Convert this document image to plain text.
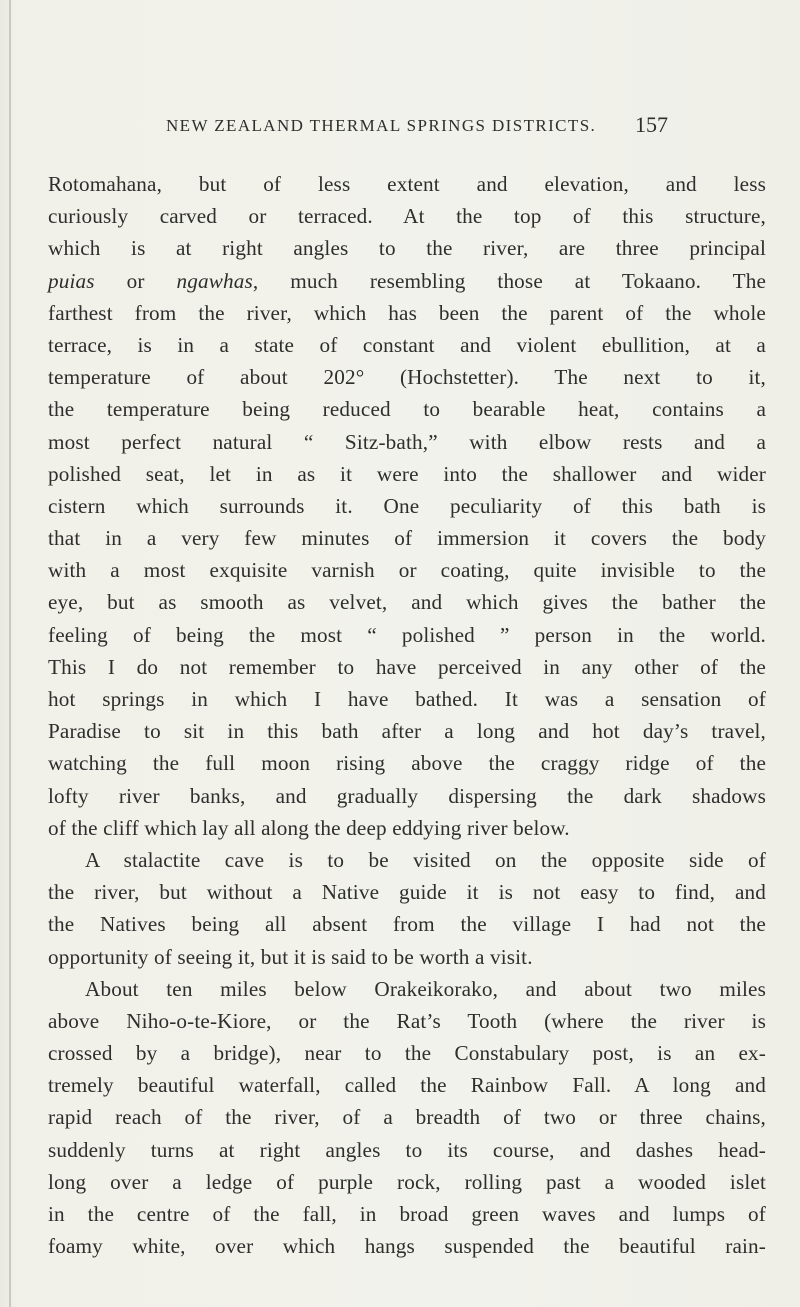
NEW ZEALAND THERMAL SPRINGS DISTRICTS. 157
Rotomahana, but of less extent and elevation, and less
curiously carved or terraced. At the top of this structure,
which is at right angles to the river, are three principal
puias or ngawhas, much resembling those at Tokaano. The
farthest from the river, which has been the parent of the whole
terrace, is in a state of constant and violent ebullition, at a
temperature of about 202° (Hochstetter). The next to it,
the temperature being reduced to bearable heat, contains a
most perfect natural “ Sitz-bath,” with elbow rests and a
polished seat, let in as it were into the shallower and wider
cistern which surrounds it. One peculiarity of this bath is
that in a very few minutes of immersion it covers the body
with a most exquisite varnish or coating, quite invisible to the
eye, but as smooth as velvet, and which gives the bather the
feeling of being the most “ polished ” person in the world.
This I do not remember to have perceived in any other of the
hot springs in which I have bathed. It was a sensation of
Paradise to sit in this bath after a long and hot day’s travel,
watching the full moon rising above the craggy ridge of the
lofty river banks, and gradually dispersing the dark shadows
of the cliff which lay all along the deep eddying river below.
A stalactite cave is to be visited on the opposite side of
the river, but without a Native guide it is not easy to find, and
the Natives being all absent from the village I had not the
opportunity of seeing it, but it is said to be worth a visit.
About ten miles below Orakeikorako, and about two miles
above Niho-o-te-Kiore, or the Rat’s Tooth (where the river is
crossed by a bridge), near to the Constabulary post, is an ex-
tremely beautiful waterfall, called the Rainbow Fall. A long and
rapid reach of the river, of a breadth of two or three chains,
suddenly turns at right angles to its course, and dashes head-
long over a ledge of purple rock, rolling past a wooded islet
in the centre of the fall, in broad green waves and lumps of
foamy white, over which hangs suspended the beautiful rain-
